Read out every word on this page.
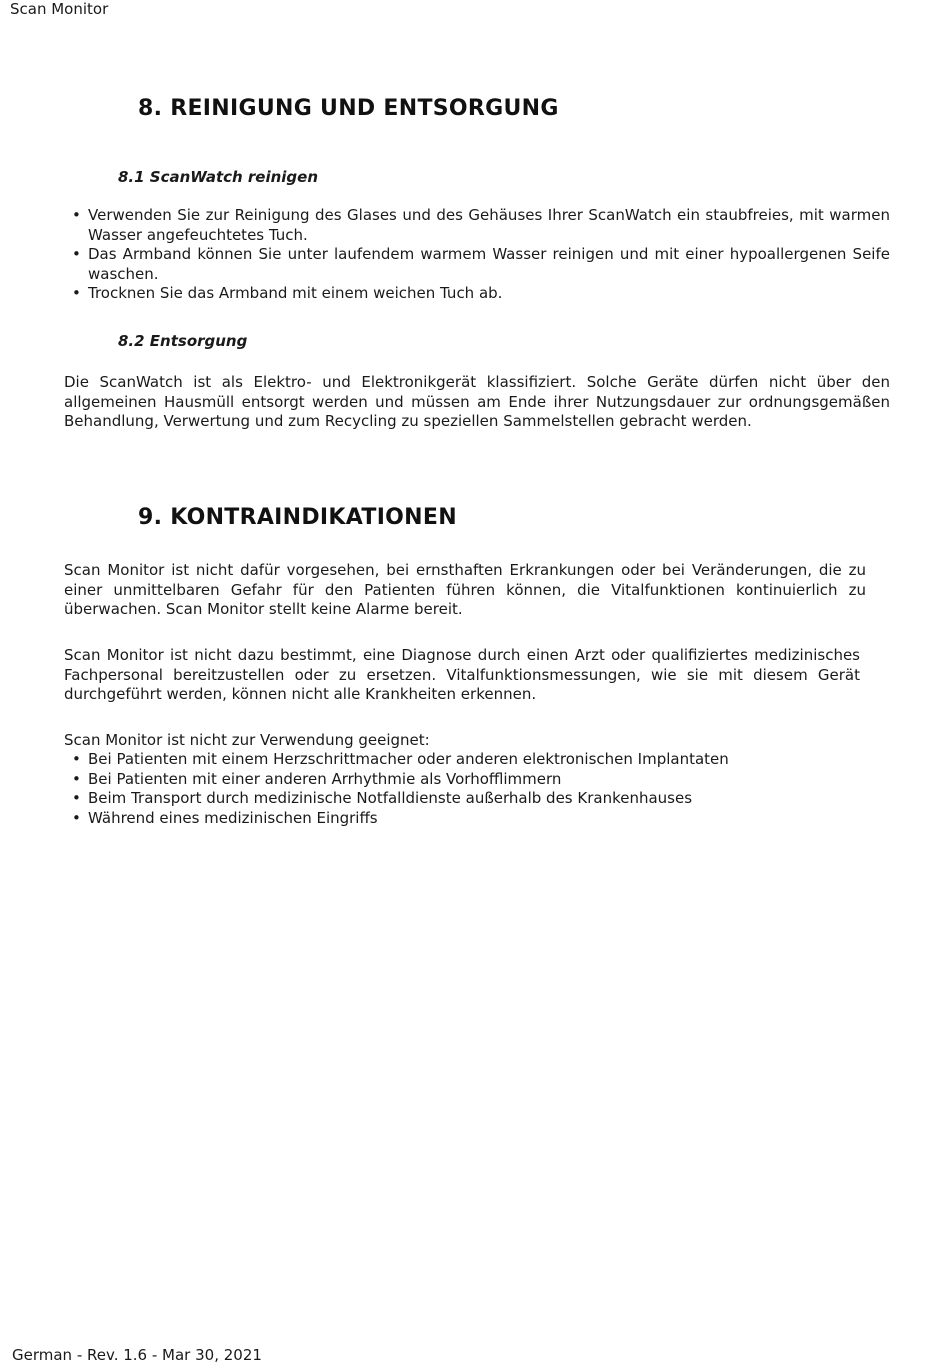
Scan Monitor
8. REINIGUNG UND ENTSORGUNG
8.1 ScanWatch reinigen
• Verwenden Sie zur Reinigung des Glases und des Gehäuses Ihrer ScanWatch ein staubfreies, mit warmen Wasser angefeuchtetes Tuch.
• Das Armband können Sie unter laufendem warmem Wasser reinigen und mit einer hypoallergenen Seife waschen.
• Trocknen Sie das Armband mit einem weichen Tuch ab.
8.2 Entsorgung

Die ScanWatch ist als Elektro- und Elektronikgerät klassifiziert. Solche Geräte dürfen nicht über den allgemeinen Hausmüll entsorgt werden und müssen am Ende ihrer Nutzungsdauer zur ordnungsgemäßen Behandlung, Verwertung und zum Recycling zu speziellen Sammelstellen gebracht werden.

9. KONTRAINDIKATIONEN

Scan Monitor ist nicht dafür vorgesehen, bei ernsthaften Erkrankungen oder bei Veränderungen, die zu einer unmittelbaren Gefahr für den Patienten führen können, die Vitalfunktionen kontinuierlich zu überwachen. Scan Monitor stellt keine Alarme bereit.

Scan Monitor ist nicht dazu bestimmt, eine Diagnose durch einen Arzt oder qualifiziertes medizinisches Fachpersonal bereitzustellen oder zu ersetzen. Vitalfunktionsmessungen, wie sie mit diesem Gerät durchgeführt werden, können nicht alle Krankheiten erkennen.

Scan Monitor ist nicht zur Verwendung geeignet:

• Bei Patienten mit einem Herzschrittmacher oder anderen elektronischen Implantaten
• Bei Patienten mit einer anderen Arrhythmie als Vorhofflimmern
• Beim Transport durch medizinische Notfalldienste außerhalb des Krankenhauses
• Während eines medizinischen Eingriffs
German - Rev. 1.6 - Mar 30, 2021
